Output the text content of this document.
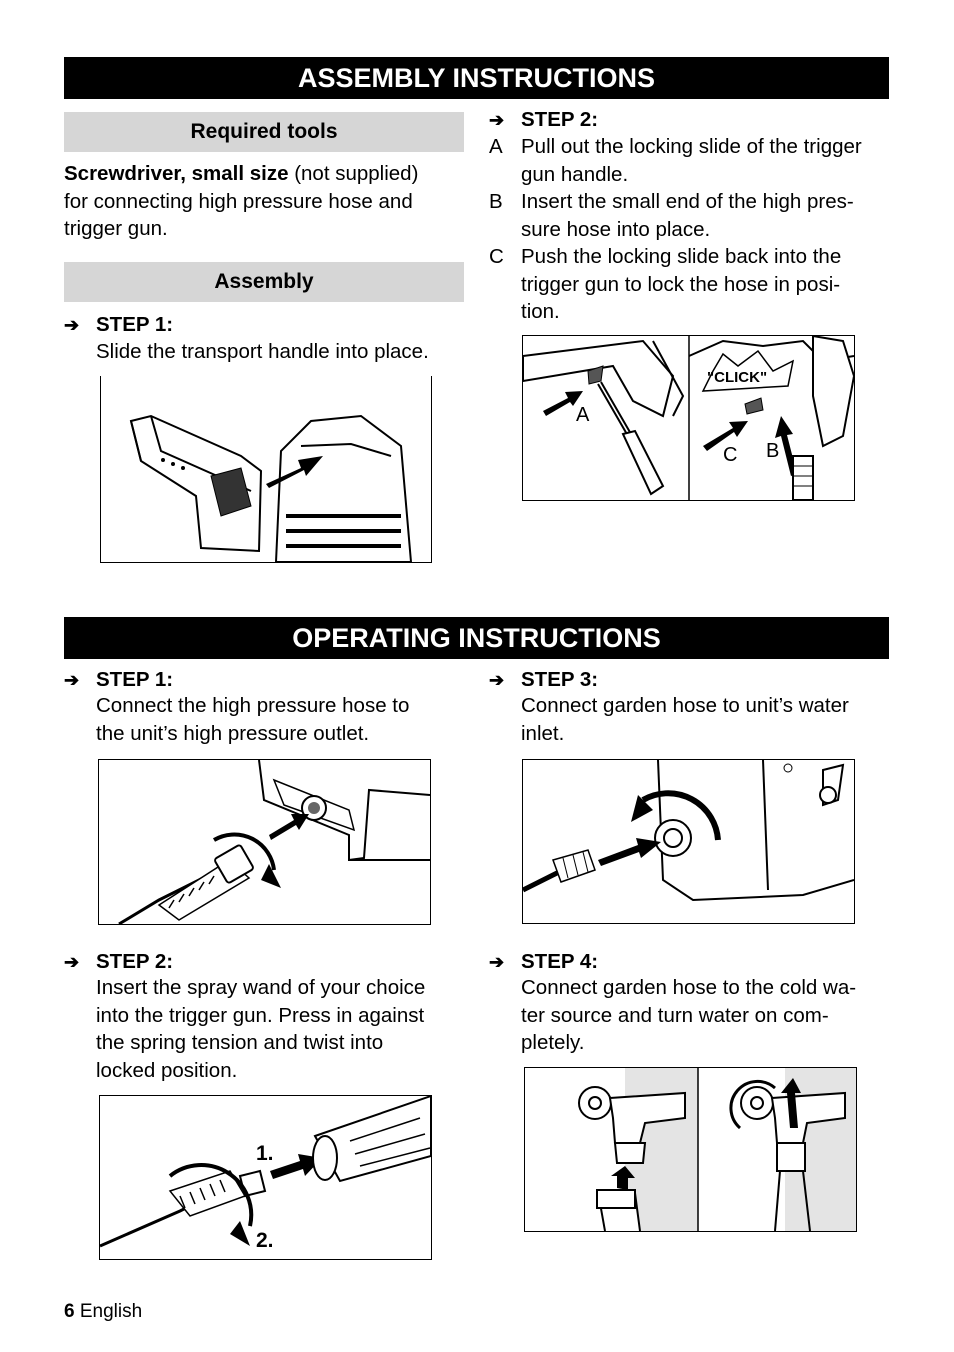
ASSEMBLY INSTRUCTIONS
Required tools
Screwdriver, small size (not supplied)
for connecting high pressure hose and
trigger gun.
Assembly
➔ STEP 1:
Slide the transport handle into place.
➔ STEP 2:
A Pull out the locking slide of the trigger
gun handle.
B Insert the small end of the high pres-
sure hose into place.
C Push the locking slide back into the
trigger gun to lock the hose in posi-
tion.
"CLICK"
A
B
C
OPERATING INSTRUCTIONS
➔ STEP 1:
Connect the high pressure hose to
the unit’s high pressure outlet.
➔ STEP 2:
Insert the spray wand of your choice
into the trigger gun. Press in against
the spring tension and twist into
locked position.
1.
2.
➔ STEP 3:
Connect garden hose to unit’s water
inlet.
➔ STEP 4:
Connect garden hose to the cold wa-
ter source and turn water on com-
pletely.
6 English
